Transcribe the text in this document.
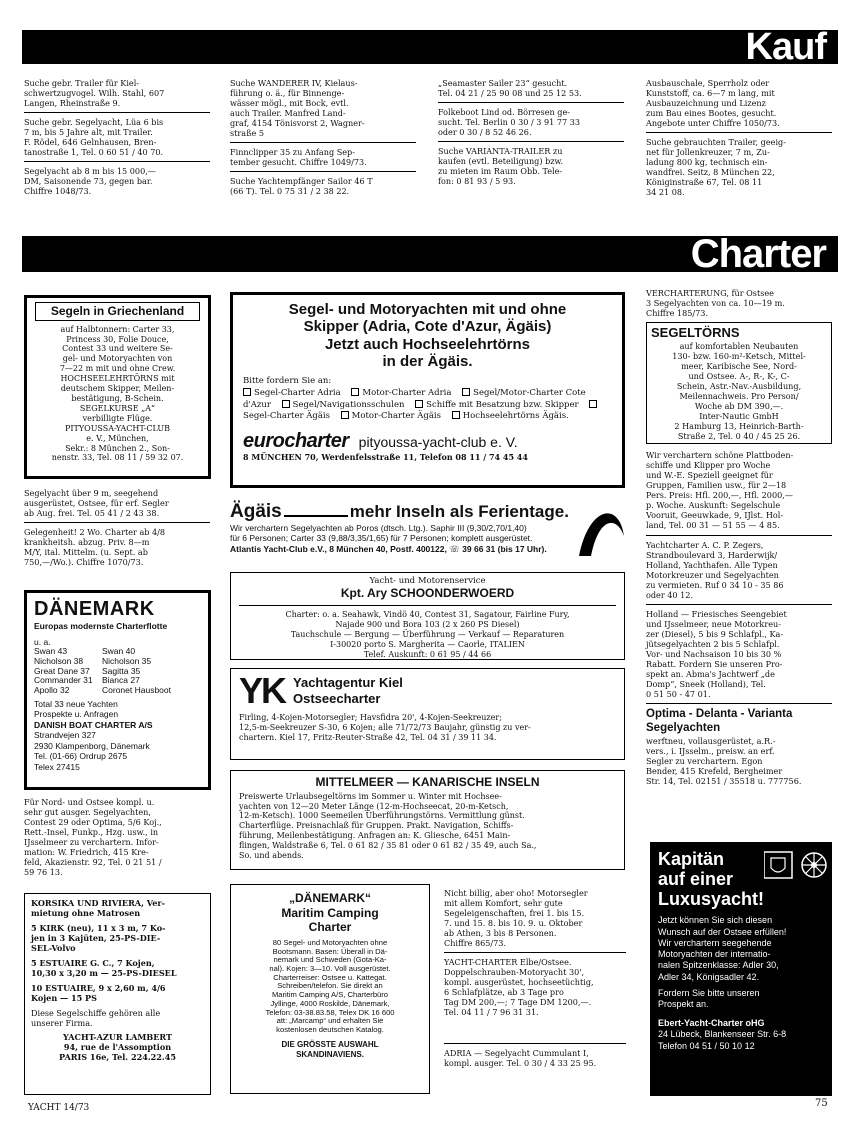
Kauf
Suche gebr. Trailer für Kiel-
schwertzugvogel. Wilh. Stahl, 607
Langen, Rheinstraße 9.
Suche gebr. Segelyacht, Lüa 6 bis
7 m, bis 5 Jahre alt, mit Trailer.
F. Rödel, 646 Gelnhausen, Bren-
tanostraße 1, Tel. 0 60 51 / 40 70.
Segelyacht ab 8 m bis 15 000,—
DM, Saisonende 73, gegen bar.
Chiffre 1048/73.
Suche WANDERER IV, Kielaus-
führung o. ä., für Binnenge-
wässer mögl., mit Bock, evtl.
auch Trailer. Manfred Land-
graf, 4154 Tönisvorst 2, Wagner-
straße 5
Finnclipper 35 zu Anfang Sep-
tember gesucht. Chiffre 1049/73.
Suche Yachtempfänger Sailor 46 T
(66 T). Tel. 0 75 31 / 2 38 22.
„Seamaster Sailer 23“ gesucht.
Tel. 04 21 / 25 90 08 und 25 12 53.
Folkeboot Lind od. Börresen ge-
sucht. Tel. Berlin 0 30 / 3 91 77 33
oder 0 30 / 8 52 46 26.
Suche VARIANTA-TRAILER zu
kaufen (evtl. Beteiligung) bzw.
zu mieten im Raum Obb. Tele-
fon: 0 81 93 / 5 93.
Ausbauschale, Sperrholz oder
Kunststoff, ca. 6—7 m lang, mit
Ausbauzeichnung und Lizenz
zum Bau eines Bootes, gesucht.
Angebote unter Chiffre 1050/73.
Suche gebrauchten Trailer, geeig-
net für Jollenkreuzer, 7 m, Zu-
ladung 800 kg, technisch ein-
wandfrei. Seitz, 8 München 22,
Königinstraße 67, Tel. 08 11
34 21 08.
Charter
Segeln in Griechenland
auf Halbtonnern: Carter 33,
Princess 30, Folie Douce,
Contest 33 und weitere Se-
gel- und Motoryachten von
7—22 m mit und ohne Crew.
HOCHSEELEHRTÖRNS mit
deutschem Skipper, Meilen-
bestätigung, B-Schein.
SEGELKURSE „A“
verbilligte Flüge.
PITYOUSSA-YACHT-CLUB
e. V., München,
Sekr.: 8 München 2., Son-
nenstr. 33, Tel. 08 11 / 59 32 07.
Segelyacht über 9 m, seegehend
ausgerüstet, Ostsee, für erf. Segler
ab Aug. frei. Tel. 05 41 / 2 43 38.
Gelegenheit! 2 Wo. Charter ab 4/8
krankheitsh. abzug. Priv. 8—m
M/Y, ital. Mittelm. (u. Sept. ab
750,—/Wo.). Chiffre 1070/73.
DÄNEMARK
Europas modernste Charterflotte
u. a.
Swan 43	Swan 40
Nicholson 38	Nicholson 35
Great Dane 37	Sagitta 35
Commander 31	Bianca 27
Apollo 32	Coronet Hausboot
Total 33 neue Yachten
Prospekte u. Anfragen
DANISH BOAT CHARTER A/S
Strandvejen 327
2930 Klampenborg, Dänemark
Tel. (01-66) Ordrup 2675
Telex 27415
Für Nord- und Ostsee kompl. u.
sehr gut ausger. Segelyachten,
Contest 29 oder Optima, 5/6 Koj.,
Rett.-Insel, Funkp., Hzg. usw., in
IJsselmeer zu verchartern. Infor-
mation: W. Friedrich, 415 Kre-
feld, Akazienstr. 92, Tel. 0 21 51 /
59 76 13.
KORSIKA UND RIVIERA, Ver-
mietung ohne Matrosen
5 KIRK (neu), 11 x 3 m, 7 Ko-
jen in 3 Kajüten, 25-PS-DIE-
SEL-Volvo
5 ESTUAIRE G. C., 7 Kojen,
10,30 x 3,20 m — 25-PS-DIESEL
10 ESTUAIRE, 9 x 2,60 m, 4/6
Kojen — 15 PS
Diese Segelschiffe gehören alle
unserer Firma.
YACHT-AZUR LAMBERT
94, rue de l'Assomption
PARIS 16e, Tel. 224.22.45
Segel- und Motoryachten mit und ohne
Skipper (Adria, Cote d'Azur, Ägäis)
Jetzt auch Hochseelehrtörns
in der Ägäis.
Bitte fordern Sie an:
Segel-Charter Adria	Motor-Charter Adria	Segel/Motor-Charter Cote d'Azur	Segel/Navigationsschulen	Schiffe mit Besatzung bzw. Skipper Segel-Charter Ägäis	Motor-Charter Ägäis	Hochseelehrtörns Ägäis.
eurocharter pityoussa-yacht-club e. V.
8 MÜNCHEN 70, Werdenfelsstraße 11, Telefon 08 11 / 74 45 44
Ägäis	mehr Inseln als Ferientage.
Wir verchartern Segelyachten ab Poros (dtsch. Ltg.). Saphir III (9,30/2,70/1,40)
für 6 Personen; Carter 33 (9,88/3,35/1,65) für 7 Personen; komplett ausgerüstet.
Atlantis Yacht-Club e.V., 8 München 40, Postf. 400122, ☏ 39 66 31 (bis 17 Uhr).
Yacht- und Motorenservice
Kpt. Ary SCHOONDERWOERD
Charter: o. a. Seahawk, Vindö 40, Contest 31, Sagatour, Fairline Fury,
Najade 900 und Bora 103 (2 x 260 PS Diesel)
Tauchschule — Bergung — Überführung — Verkauf — Reparaturen
I-30020 porto S. Margherita — Caorle, ITALIEN
Telef. Auskunft: 0 61 95 / 44 66
YK Yachtagentur Kiel
Ostseecharter
Firling, 4-Kojen-Motorsegler; Havsfidra 20', 4-Kojen-Seekreuzer;
12,5-m-Seekreuzer S-30, 6 Kojen; alle 71/72/73 Baujahr, günstig zu ver-
chartern. Kiel 17, Fritz-Reuter-Straße 42, Tel. 04 31 / 39 11 34.
MITTELMEER — KANARISCHE INSELN
Preiswerte Urlaubsegeltörns im Sommer u. Winter mit Hochsee-
yachten von 12—20 Meter Länge (12-m-Hochseecat, 20-m-Ketsch,
12-m-Ketsch). 1000 Seemeilen Überführungstörns. Vermittlung günst.
Charterflüge. Preisnachlaß für Gruppen. Prakt. Navigation, Schiffs-
führung, Meilenbestätigung. Anfragen an: K. Gliesche, 6451 Main-
flingen, Waldstraße 6, Tel. 0 61 82 / 35 81 oder 0 61 82 / 35 49, auch Sa.,
So. und abends.
„DÄNEMARK“
Maritim Camping
Charter
80 Segel- und Motoryachten ohne
Bootsmann. Basen: Überall in Dä-
nemark und Schweden (Gota-Ka-
nal). Kojen: 3—10. Voll ausgerüstet.
Charterreiser: Ostsee u. Kattegat.
Schreiben/telefon. Sie direkt an
Maritim Camping A/S, Charterbüro
Jyllinge, 4000 Roskilde, Dänemark,
Telefon: 03-38.83.58, Telex DK 16 600
att: „Marcamp“ und erhalten Sie
kostenlosen deutschen Katalog.
DIE GRÖSSTE AUSWAHL
SKANDINAVIENS.
Nicht billig, aber oho! Motorsegler
mit allem Komfort, sehr gute
Segeleigenschaften, frei 1. bis 15.
7. und 15. 8. bis 10. 9. u. Oktober
ab Athen, 3 bis 8 Personen.
Chiffre 865/73.
YACHT-CHARTER Elbe/Ostsee.
Doppelschrauben-Motoryacht 30',
kompl. ausgerüstet, hochseetüchtig,
6 Schlafplätze, ab 3 Tage pro
Tag DM 200,—; 7 Tage DM 1200,—.
Tel. 04 11 / 7 96 31 31.
ADRIA — Segelyacht Cummulant I,
kompl. ausger. Tel. 0 30 / 4 33 25 95.
VERCHARTERUNG, für Ostsee
3 Segelyachten von ca. 10—19 m.
Chiffre 185/73.
SEGELTÖRNS
auf komfortablen Neubauten
130- bzw. 160-m²-Ketsch, Mittel-
meer, Karibische See, Nord-
und Ostsee. A-, R-, K-, C-
Schein, Astr.-Nav.-Ausbildung,
Meilennachweis. Pro Person/
Woche ab DM 390,—.
Inter-Nautic GmbH
2 Hamburg 13, Heinrich-Barth-
Straße 2, Tel. 0 40 / 45 25 26.
Wir verchartern schöne Plattboden-
schiffe und Klipper pro Woche
und W.-E. Speziell geeignet für
Gruppen, Familien usw., für 2—18
Pers. Preis: Hfl. 200,—, Hfl. 2000,—
p. Woche. Auskunft: Segelschule
Vooruit, Geeuwkade, 9, IJlst. Hol-
land, Tel. 00 31 — 51 55 — 4 85.
Yachtcharter A. C. P. Zegers,
Strandboulevard 3, Harderwijk/
Holland, Yachthafen. Alle Typen
Motorkreuzer und Segelyachten
zu vermieten. Ruf 0 34 10 - 35 86
oder 40 12.
Holland — Friesisches Seengebiet
und IJsselmeer, neue Motorkreu-
zer (Diesel), 5 bis 9 Schlafpl., Ka-
jütsegelyachten 2 bis 5 Schlafpl.
Vor- und Nachsaison 10 bis 30 %
Rabatt. Fordern Sie unseren Pro-
spekt an. Abma's Jachtwerf „de
Domp“, Sneek (Holland), Tel.
0 51 50 - 47 01.
Optima - Delanta - Varianta
Segelyachten
werftneu, vollausgerüstet, a.R.-
vers., i. IJsselm., preisw. an erf.
Segler zu verchartern. Egon
Bender, 415 Krefeld, Bergheimer
Str. 14, Tel. 02151 / 35518 u. 777756.
Kapitän
auf einer
Luxusyacht!
Jetzt können Sie sich diesen
Wunsch auf der Ostsee erfüllen!
Wir verchartern seegehende
Motoryachten der internatio-
nalen Spitzenklasse: Adler 30,
Adler 34, Königsadler 42.
Fordern Sie bitte unseren
Prospekt an.
Ebert-Yacht-Charter oHG
24 Lübeck, Blankenseer Str. 6-8
Telefon 04 51 / 50 10 12
YACHT 14/73	75
